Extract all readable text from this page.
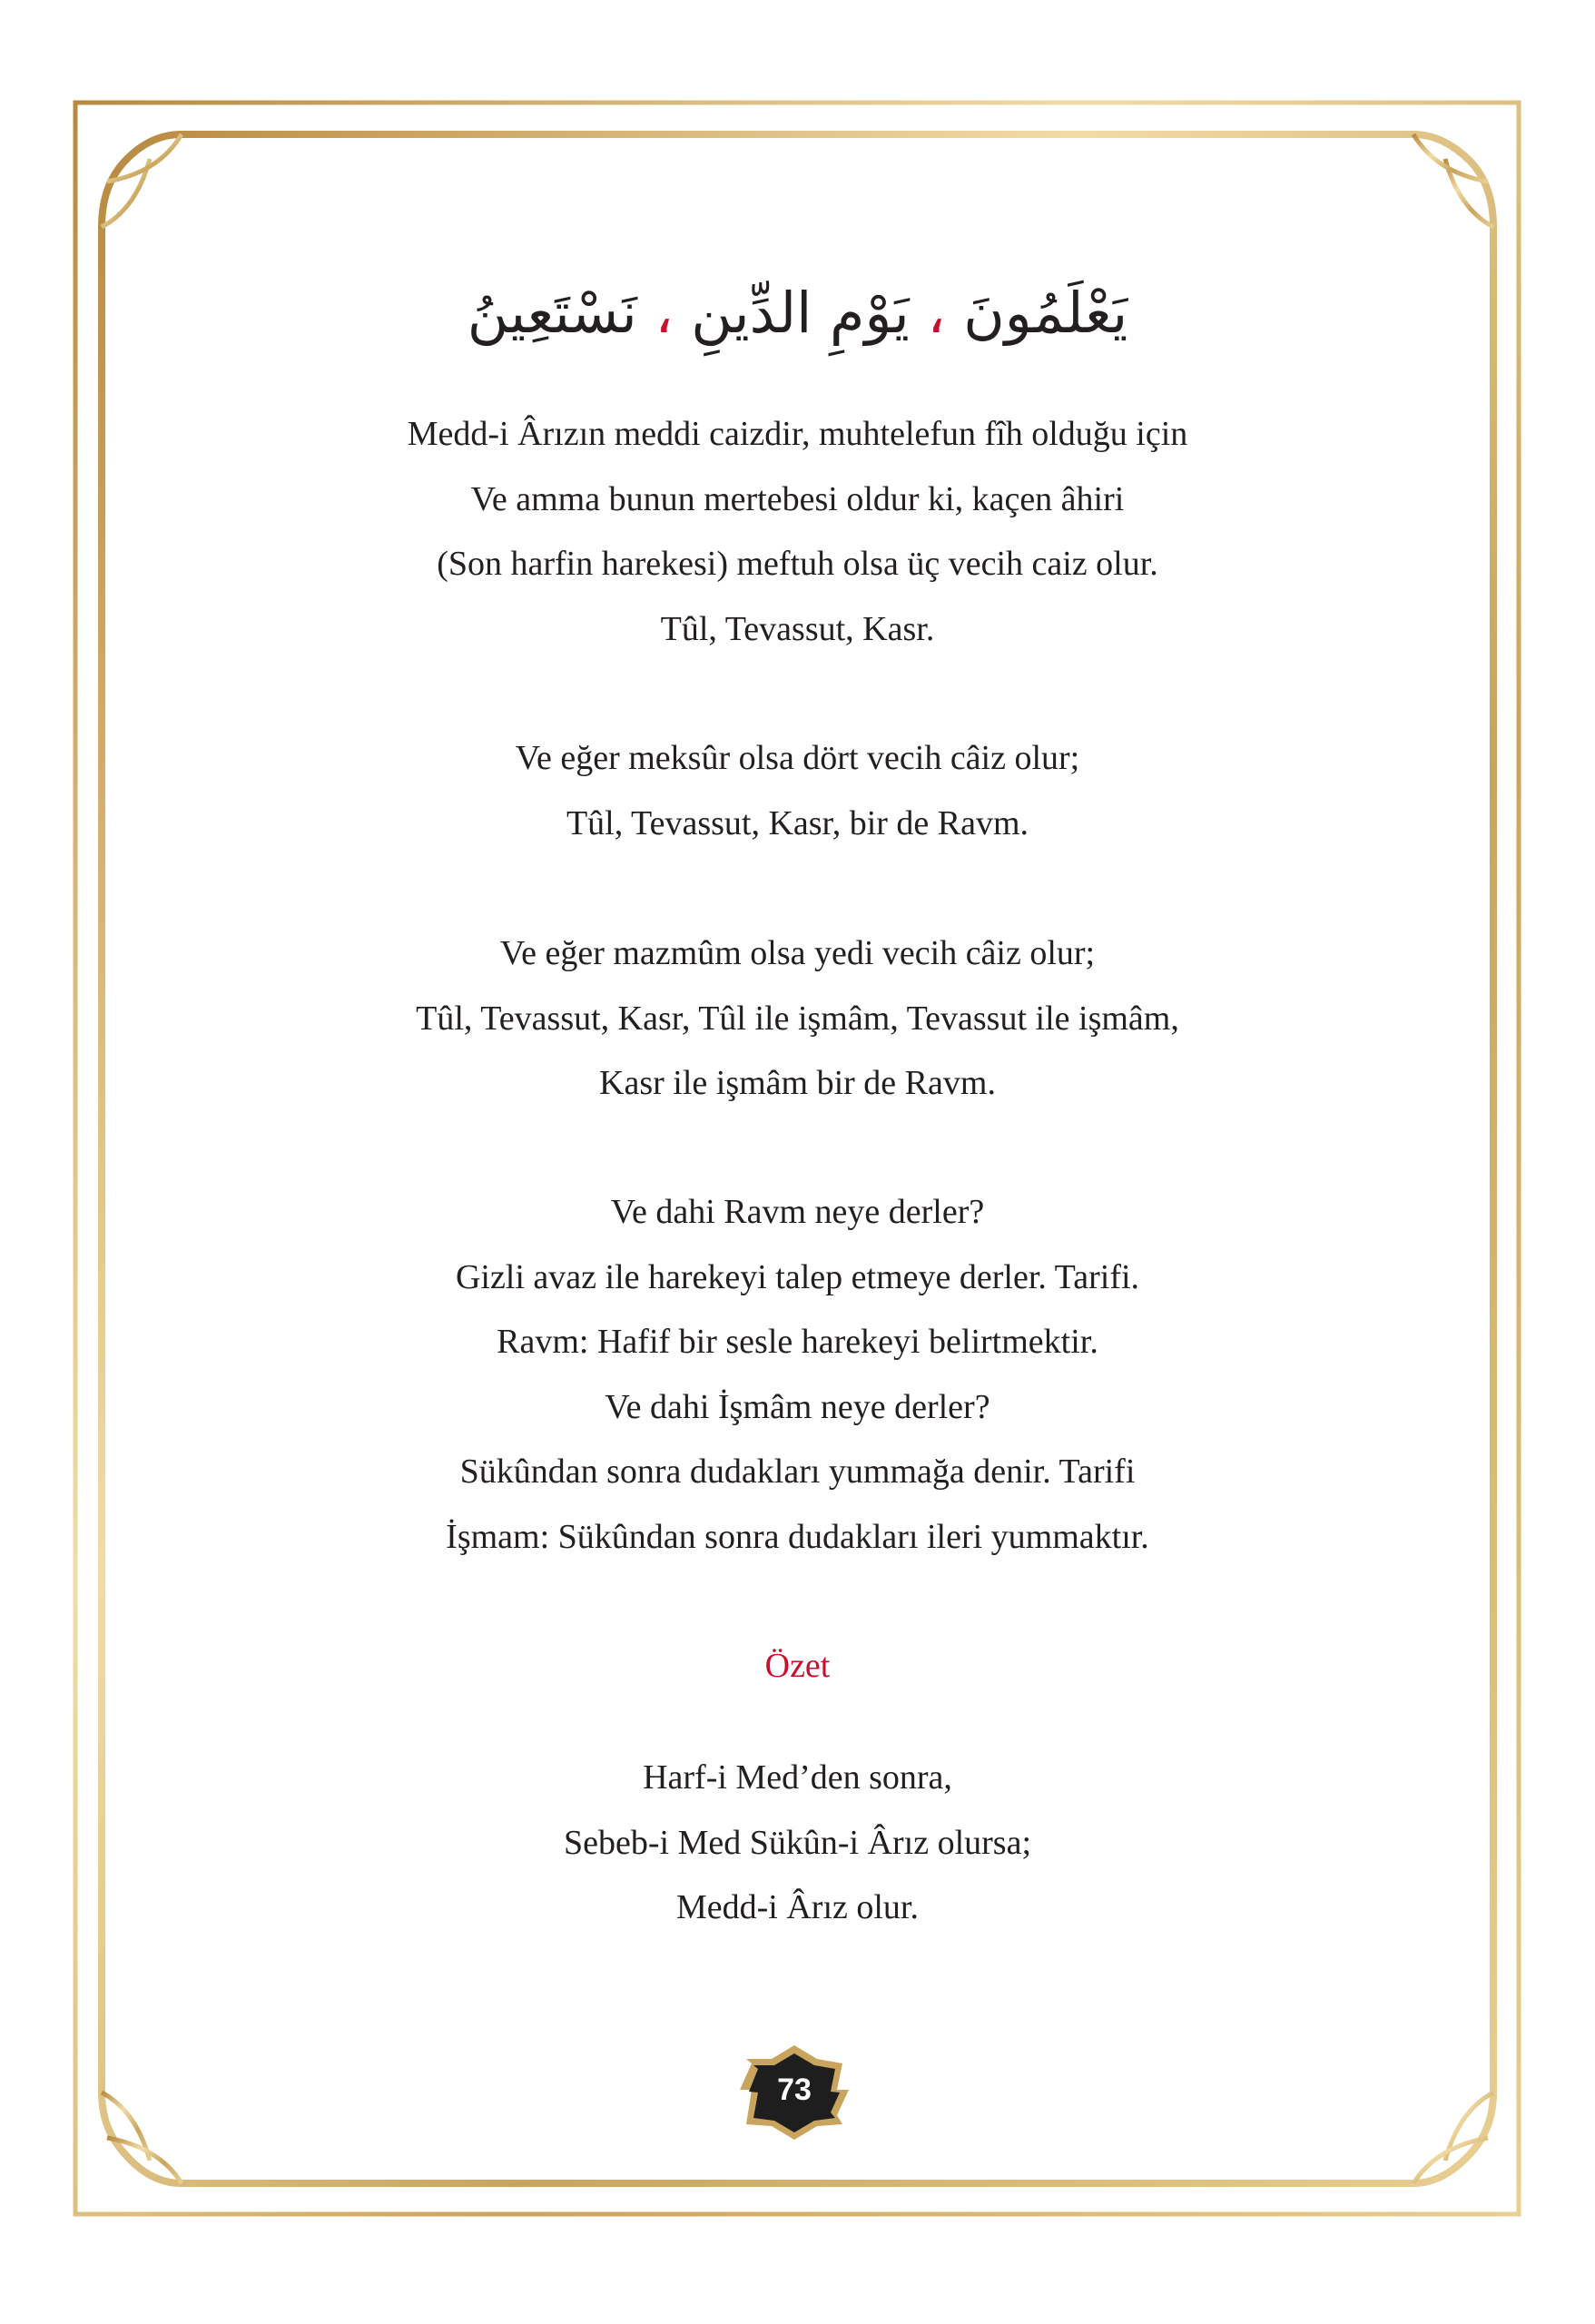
يَعْلَمُونَ ، يَوْمِ الدِّينِ ، نَسْتَعِينُ

Medd-i Ârızın meddi caizdir, muhtelefun fîh olduğu için

Ve amma bunun mertebesi oldur ki, kaçen âhiri

(Son harfin harekesi) meftuh olsa üç vecih caiz olur.

Tûl, Tevassut, Kasr.

Ve eğer meksûr olsa dört vecih câiz olur;

Tûl, Tevassut, Kasr, bir de Ravm.

Ve eğer mazmûm olsa yedi vecih câiz olur;

Tûl, Tevassut, Kasr, Tûl ile işmâm, Tevassut ile işmâm,

Kasr ile işmâm bir de Ravm.

Ve dahi Ravm neye derler?

Gizli avaz ile harekeyi talep etmeye derler. Tarifi.

Ravm: Hafif bir sesle harekeyi belirtmektir.

Ve dahi İşmâm neye derler?

Sükûndan sonra dudakları yummağa denir. Tarifi

İşmam: Sükûndan sonra dudakları ileri yummaktır.

Özet

Harf-i Med’den sonra,

Sebeb-i Med Sükûn-i Ârız olursa;

Medd-i Ârız olur.

73
